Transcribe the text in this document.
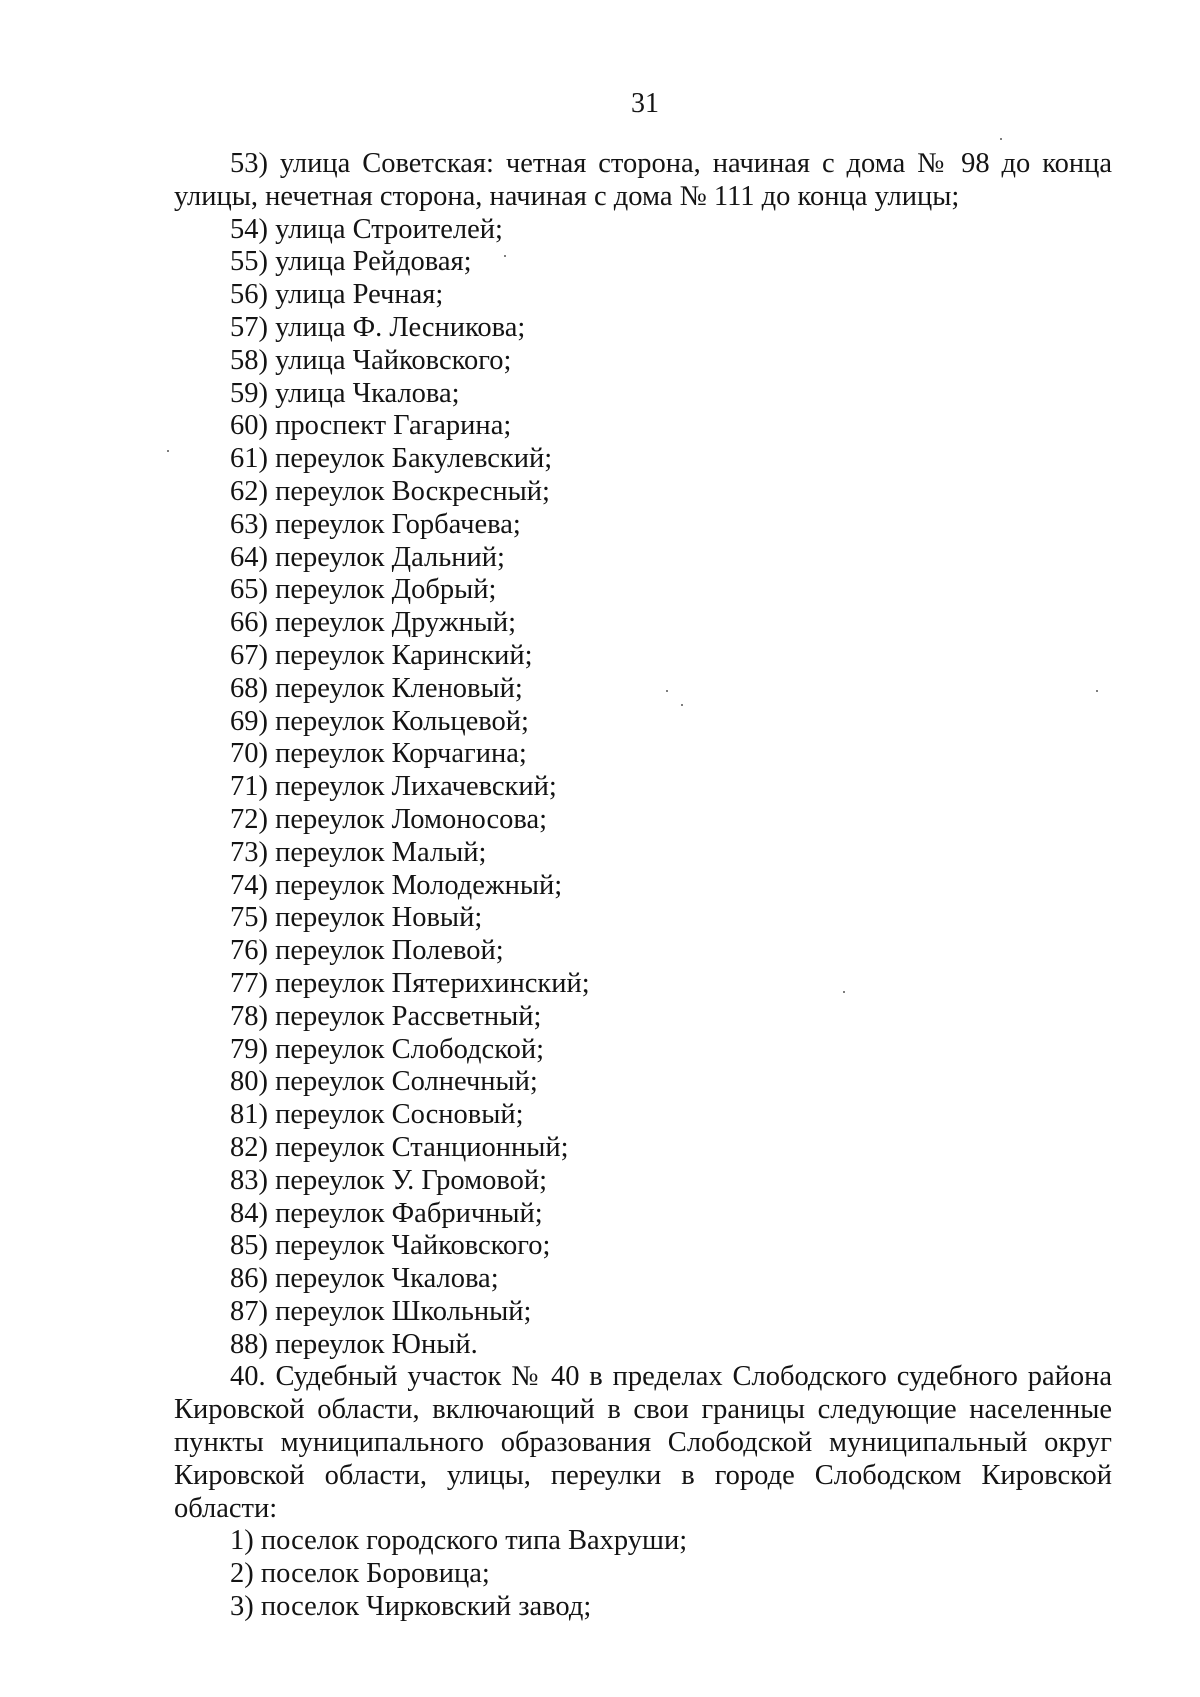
31

53) улица Советская: четная сторона, начиная с дома № 98 до конца улицы, нечетная сторона, начиная с дома № 111 до конца улицы;

54) улица Строителей;
55) улица Рейдовая;
56) улица Речная;
57) улица Ф. Лесникова;
58) улица Чайковского;
59) улица Чкалова;
60) проспект Гагарина;
61) переулок Бакулевский;
62) переулок Воскресный;
63) переулок Горбачева;
64) переулок Дальний;
65) переулок Добрый;
66) переулок Дружный;
67) переулок Каринский;
68) переулок Кленовый;
69) переулок Кольцевой;
70) переулок Корчагина;
71) переулок Лихачевский;
72) переулок Ломоносова;
73) переулок Малый;
74) переулок Молодежный;
75) переулок Новый;
76) переулок Полевой;
77) переулок Пятерихинский;
78) переулок Рассветный;
79) переулок Слободской;
80) переулок Солнечный;
81) переулок Сосновый;
82) переулок Станционный;
83) переулок У. Громовой;
84) переулок Фабричный;
85) переулок Чайковского;
86) переулок Чкалова;
87) переулок Школьный;
88) переулок Юный.

40. Судебный участок № 40 в пределах Слободского судебного района Кировской области, включающий в свои границы следующие населенные пункты муниципального образования Слободской муниципальный округ Кировской области, улицы, переулки в городе Слободском Кировской области:

1) поселок городского типа Вахруши;
2) поселок Боровица;
3) поселок Чирковский завод;
